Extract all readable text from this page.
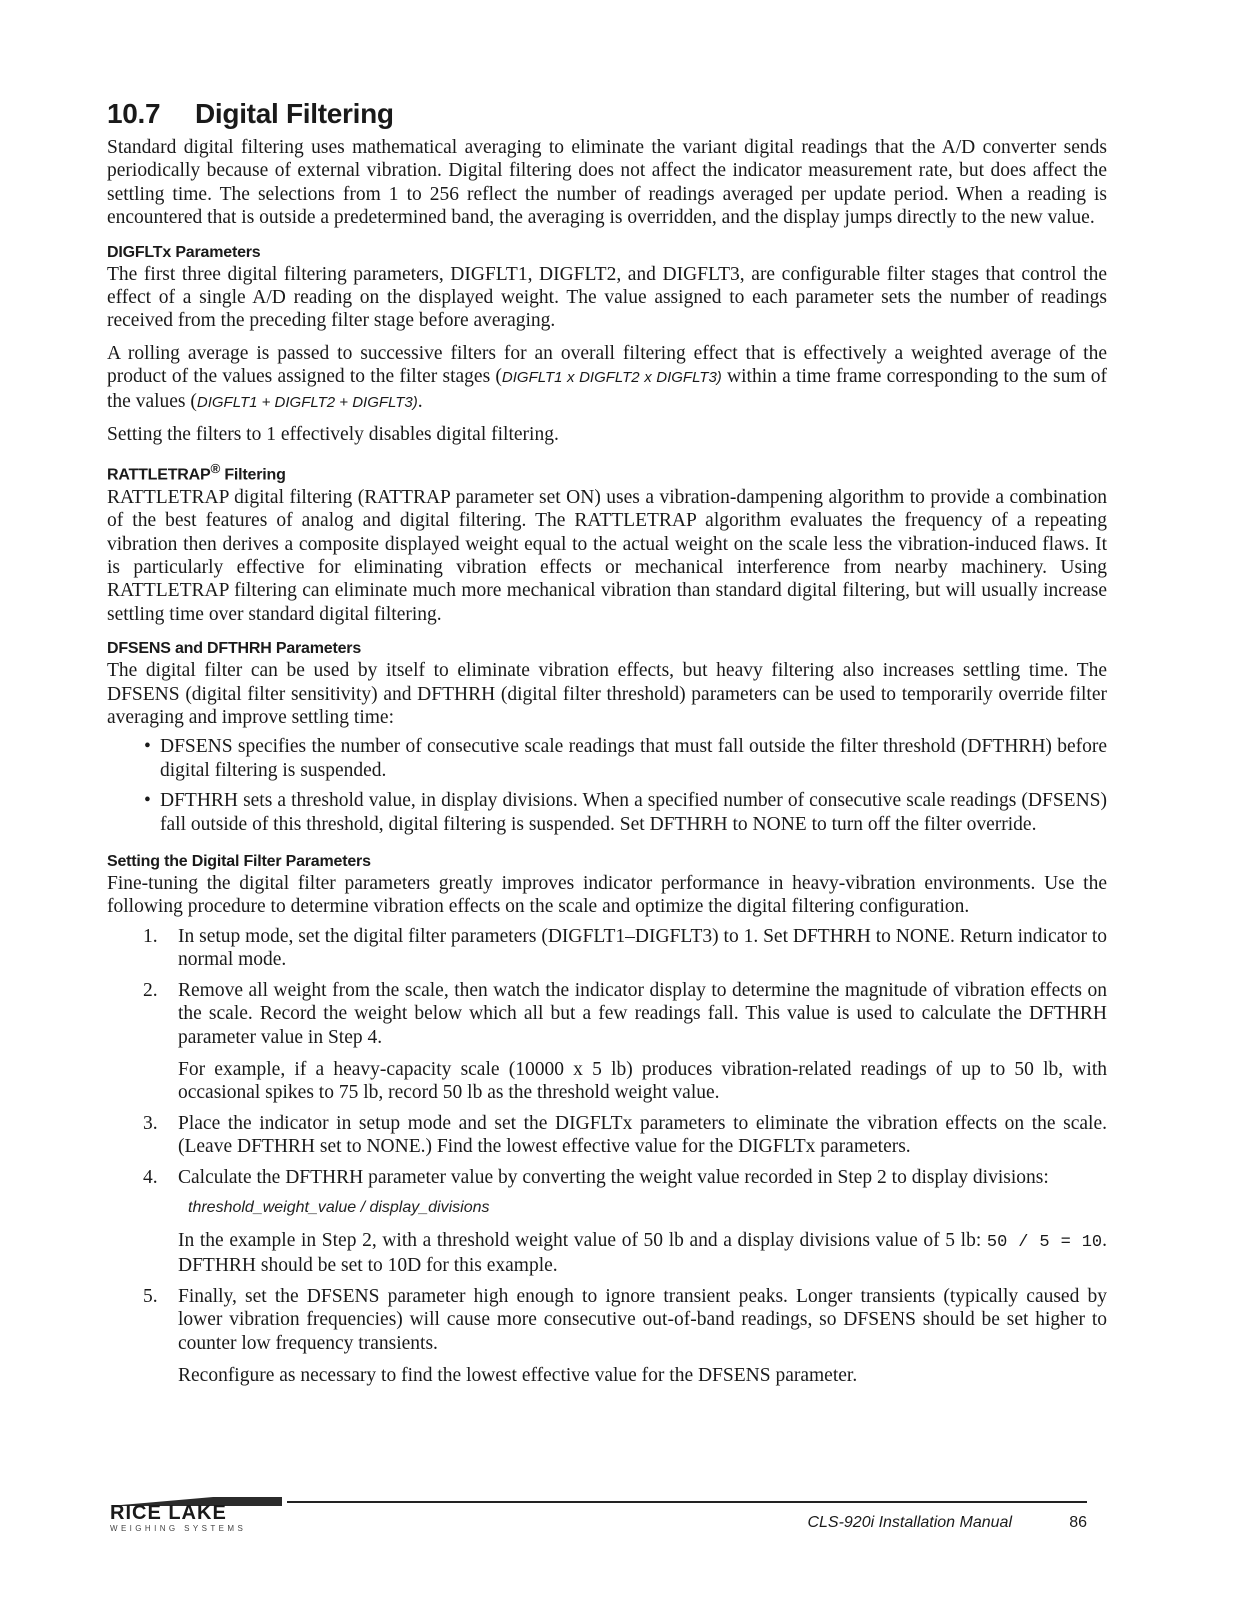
10.7 Digital Filtering

Standard digital filtering uses mathematical averaging to eliminate the variant digital readings that the A/D converter sends periodically because of external vibration. Digital filtering does not affect the indicator measurement rate, but does affect the settling time. The selections from 1 to 256 reflect the number of readings averaged per update period. When a reading is encountered that is outside a predetermined band, the averaging is overridden, and the display jumps directly to the new value.

DIGFLTx Parameters

The first three digital filtering parameters, DIGFLT1, DIGFLT2, and DIGFLT3, are configurable filter stages that control the effect of a single A/D reading on the displayed weight. The value assigned to each parameter sets the number of readings received from the preceding filter stage before averaging.

A rolling average is passed to successive filters for an overall filtering effect that is effectively a weighted average of the product of the values assigned to the filter stages (DIGFLT1 x DIGFLT2 x DIGFLT3) within a time frame corresponding to the sum of the values (DIGFLT1 + DIGFLT2 + DIGFLT3).

Setting the filters to 1 effectively disables digital filtering.

RATTLETRAP® Filtering

RATTLETRAP digital filtering (RATTRAP parameter set ON) uses a vibration-dampening algorithm to provide a combination of the best features of analog and digital filtering. The RATTLETRAP algorithm evaluates the frequency of a repeating vibration then derives a composite displayed weight equal to the actual weight on the scale less the vibration-induced flaws. It is particularly effective for eliminating vibration effects or mechanical interference from nearby machinery. Using RATTLETRAP filtering can eliminate much more mechanical vibration than standard digital filtering, but will usually increase settling time over standard digital filtering.

DFSENS and DFTHRH Parameters

The digital filter can be used by itself to eliminate vibration effects, but heavy filtering also increases settling time. The DFSENS (digital filter sensitivity) and DFTHRH (digital filter threshold) parameters can be used to temporarily override filter averaging and improve settling time:

• DFSENS specifies the number of consecutive scale readings that must fall outside the filter threshold (DFTHRH) before digital filtering is suspended.

• DFTHRH sets a threshold value, in display divisions. When a specified number of consecutive scale readings (DFSENS) fall outside of this threshold, digital filtering is suspended. Set DFTHRH to NONE to turn off the filter override.

Setting the Digital Filter Parameters

Fine-tuning the digital filter parameters greatly improves indicator performance in heavy-vibration environments. Use the following procedure to determine vibration effects on the scale and optimize the digital filtering configuration.

1. In setup mode, set the digital filter parameters (DIGFLT1–DIGFLT3) to 1. Set DFTHRH to NONE. Return indicator to normal mode.

2. Remove all weight from the scale, then watch the indicator display to determine the magnitude of vibration effects on the scale. Record the weight below which all but a few readings fall. This value is used to calculate the DFTHRH parameter value in Step 4.

For example, if a heavy-capacity scale (10000 x 5 lb) produces vibration-related readings of up to 50 lb, with occasional spikes to 75 lb, record 50 lb as the threshold weight value.

3. Place the indicator in setup mode and set the DIGFLTx parameters to eliminate the vibration effects on the scale. (Leave DFTHRH set to NONE.) Find the lowest effective value for the DIGFLTx parameters.

4. Calculate the DFTHRH parameter value by converting the weight value recorded in Step 2 to display divisions:

threshold_weight_value / display_divisions

In the example in Step 2, with a threshold weight value of 50 lb and a display divisions value of 5 lb: 50 / 5 = 10. DFTHRH should be set to 10D for this example.

5. Finally, set the DFSENS parameter high enough to ignore transient peaks. Longer transients (typically caused by lower vibration frequencies) will cause more consecutive out-of-band readings, so DFSENS should be set higher to counter low frequency transients.

Reconfigure as necessary to find the lowest effective value for the DFSENS parameter.

RICE LAKE
WEIGHING SYSTEMS	CLS-920i Installation Manual	86
